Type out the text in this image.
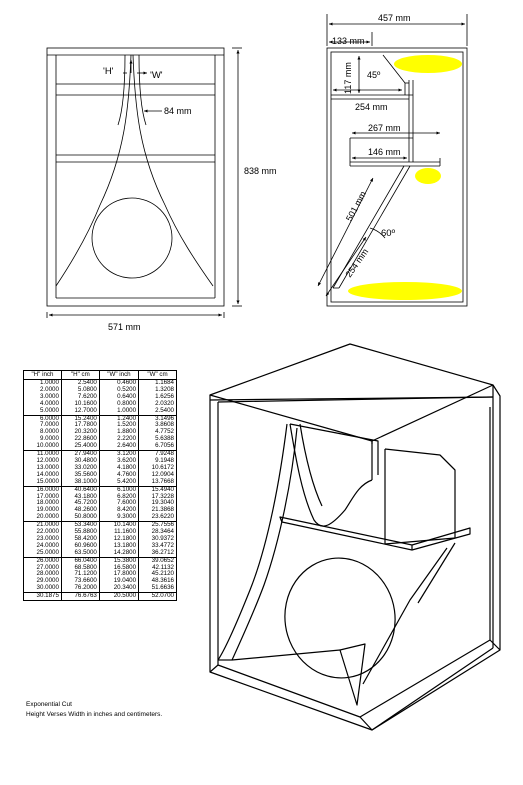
'H'	'W'
84 mm
571 mm
838 mm
457 mm
133 mm
117 mm 45º
254 mm
267 mm
146 mm
501 mm
254 mm
60º
"H" inch	"H" cm	"W" inch	"W" cm
1.0000	2.5400	0.4600	1.1684
2.0000	5.0800	0.5200	1.3208
3.0000	7.6200	0.6400	1.6256
4.0000	10.1600	0.8000	2.0320
5.0000	12.7000	1.0000	2.5400
6.0000	15.2400	1.2400	3.1496
7.0000	17.7800	1.5200	3.8608
8.0000	20.3200	1.8800	4.7752
9.0000	22.8600	2.2200	5.6388
10.0000	25.4000	2.6400	6.7056
11.0000	27.9400	3.1200	7.9248
12.0000	30.4800	3.6200	9.1948
13.0000	33.0200	4.1800	10.6172
14.0000	35.5600	4.7600	12.0904
15.0000	38.1000	5.4200	13.7668
16.0000	40.6400	6.1000	15.4940
17.0000	43.1800	6.8200	17.3228
18.0000	45.7200	7.6000	19.3040
19.0000	48.2600	8.4200	21.3868
20.0000	50.8000	9.3000	23.6220
21.0000	53.3400	10.1400	25.7556
22.0000	55.8800	11.1600	28.3464
23.0000	58.4200	12.1800	30.9372
24.0000	60.9600	13.1800	33.4772
25.0000	63.5000	14.2800	36.2712
26.0000	66.0400	15.3800	39.0652
27.0000	68.5800	16.5800	42.1132
28.0000	71.1200	17.8000	45.2120
29.0000	73.6600	19.0400	48.3616
30.0000	76.2000	20.3400	51.6636
30.1875	76.6763	20.5000	52.0700
Exponential Cut
Height Verses Width in inches and centimeters.
